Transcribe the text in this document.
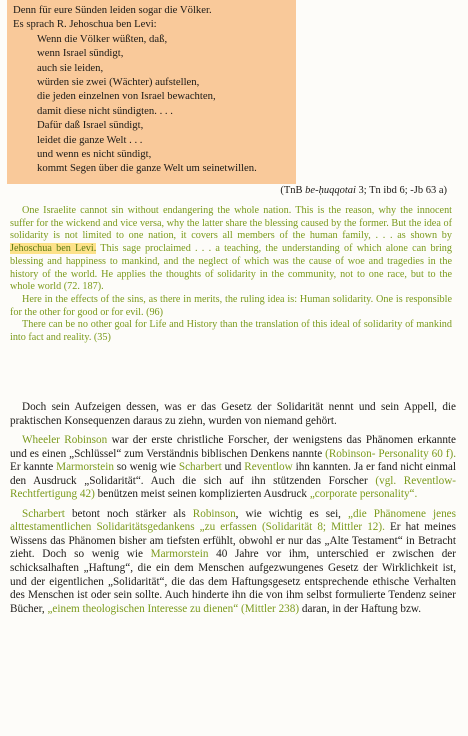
Denn für eure Sünden leiden sogar die Völker.
Es sprach R. Jehoschua ben Levi:
Wenn die Völker wüßten, daß,
wenn Israel sündigt,
auch sie leiden,
würden sie zwei (Wächter) aufstellen,
die jeden einzelnen von Israel bewachten,
damit diese nicht sündigten. . . .
Dafür daß Israel sündigt,
leidet die ganze Welt . . .
und wenn es nicht sündigt,
kommt Segen über die ganze Welt um seinetwillen.
(TnB be-ḥuqqotai 3; Tn ibd 6; -Jb 63 a)

One Israelite cannot sin without endangering the whole nation. This is the reason, why the innocent suffer for the wickend and vice versa, why the latter share the blessing caused by the former. But the idea of solidarity is not limited to one nation, it covers all members of the human family, . . . as shown by Jehoschua ben Levi. This sage proclaimed . . . a teaching, the understanding of which alone can bring blessing and happiness to mankind, and the neglect of which was the cause of woe and tragedies in the history of the world. He applies the thoughts of solidarity in the community, not to one race, but to the whole world (72. 187).

Here in the effects of the sins, as there in merits, the ruling idea is: Human solidarity. One is responsible for the other for good or for evil. (96)

There can be no other goal for Life and History than the translation of this ideal of solidarity of mankind into fact and reality. (35)

Doch sein Aufzeigen dessen, was er das Gesetz der Solidarität nennt und sein Appell, die praktischen Konsequenzen daraus zu ziehn, wurden von niemand gehört.

Wheeler Robinson war der erste christliche Forscher, der wenigstens das Phänomen erkannte und es einen „Schlüssel“ zum Verständnis biblischen Denkens nannte (Robinson- Personality 60 f). Er kannte Marmorstein so wenig wie Scharbert und Reventlow ihn kannten. Ja er fand nicht einmal den Ausdruck „Solidarität“. Auch die sich auf ihn stützenden Forscher (vgl. Reventlow-Rechtfertigung 42) benützen meist seinen komplizierten Ausdruck „corporate personality“.

Scharbert betont noch stärker als Robinson, wie wichtig es sei, „die Phänomene jenes alttestamentlichen Solidaritätsgedankens „zu erfassen (Solidarität 8; Mittler 12). Er hat meines Wissens das Phänomen bisher am tiefsten erfühlt, obwohl er nur das „Alte Testament“ in Betracht zieht. Doch so wenig wie Marmorstein 40 Jahre vor ihm, unterschied er zwischen der schicksalhaften „Haftung“, die ein dem Menschen aufgezwungenes Gesetz der Wirklichkeit ist, und der eigentlichen „Solidarität“, die das dem Haftungsgesetz entsprechende ethische Verhalten des Menschen ist oder sein sollte. Auch hinderte ihn die von ihm selbst formulierte Tendenz seiner Bücher, „einem theologischen Interesse zu dienen“ (Mittler 238) daran, in der Haftung bzw.
